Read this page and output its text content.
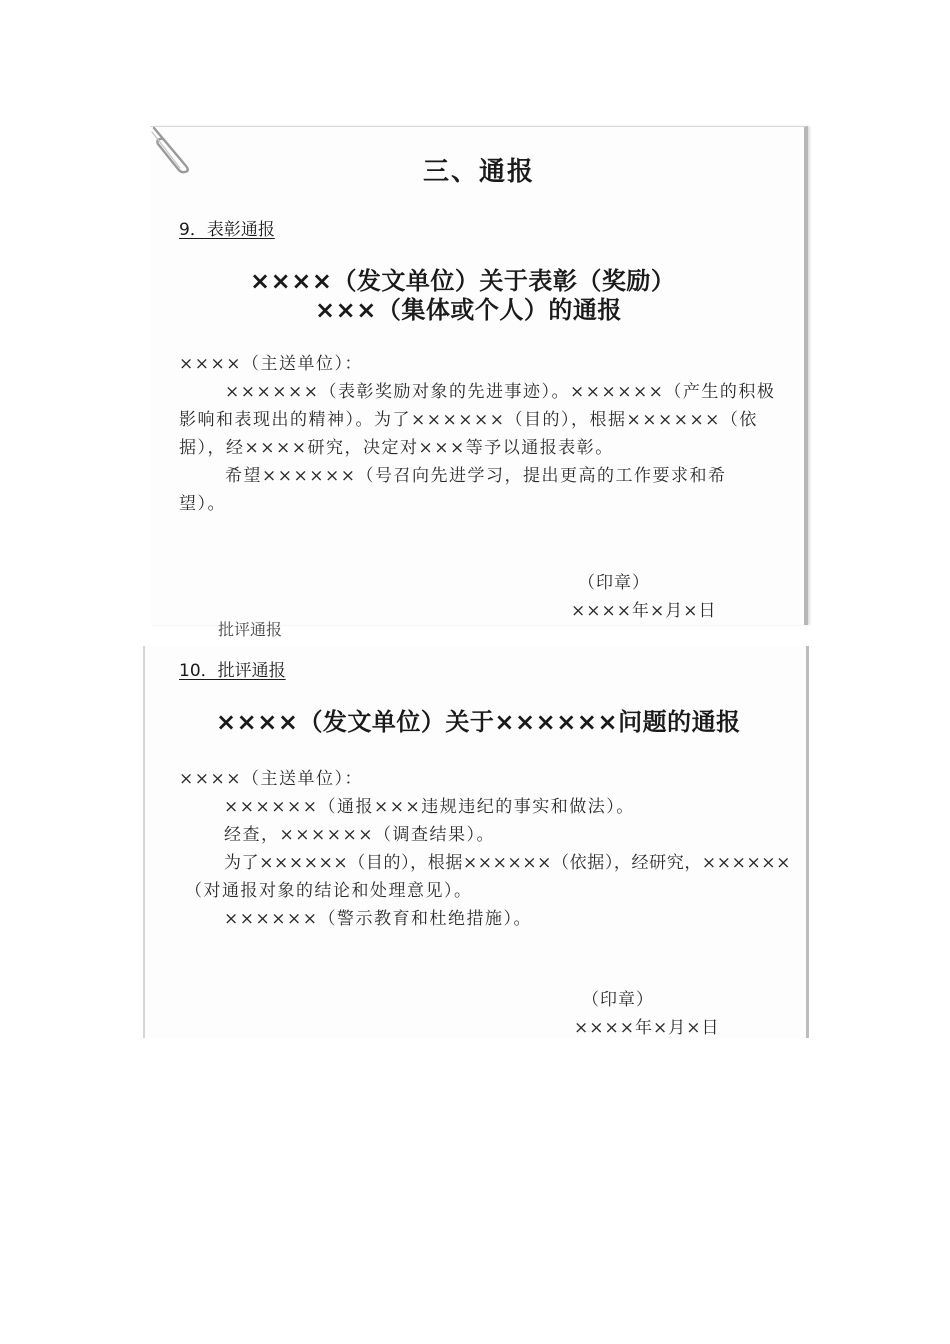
三、通报
9．表彰通报
××××（发文单位）关于表彰（奖励）
×××（集体或个人）的通报
××××（主送单位）：
××××××（表彰奖励对象的先进事迹）。××××××（产生的积极
影响和表现出的精神）。为了××××××（目的），根据××××××（依
据），经××××研究，决定对×××等予以通报表彰。
希望××××××（号召向先进学习，提出更高的工作要求和希
望）。
（印章）
××××年×月×日
批评通报
10．批评通报
××××（发文单位）关于××××××问题的通报
××××（主送单位）：
××××××（通报×××违规违纪的事实和做法）。
经查，××××××（调查结果）。
为了××××××（目的），根据××××××（依据），经研究，××××××
（对通报对象的结论和处理意见）。
××××××（警示教育和杜绝措施）。
（印章）
××××年×月×日
